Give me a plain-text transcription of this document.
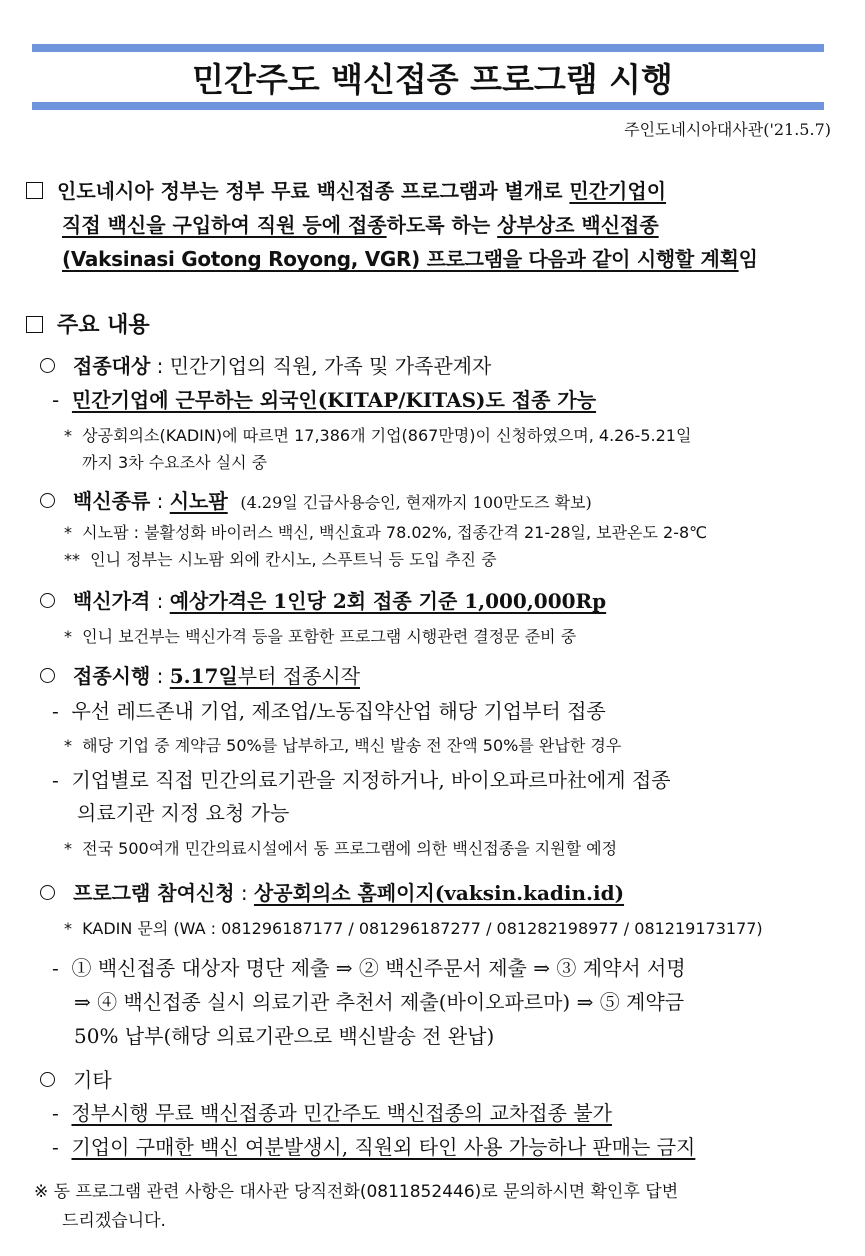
민간주도 백신접종 프로그램 시행
주인도네시아대사관('21.5.7)
인도네시아 정부는 정부 무료 백신접종 프로그램과 별개로 민간기업이
직접 백신을 구입하여 직원 등에 접종하도록 하는 상부상조 백신접종
(Vaksinasi Gotong Royong, VGR) 프로그램을 다음과 같이 시행할 계획임
주요 내용
접종대상 : 민간기업의 직원, 가족 및 가족관계자
- 민간기업에 근무하는 외국인(KITAP/KITAS)도 접종 가능
* 상공회의소(KADIN)에 따르면 17,386개 기업(867만명)이 신청하였으며, 4.26-5.21일
까지 3차 수요조사 실시 중
백신종류 : 시노팜 (4.29일 긴급사용승인, 현재까지 100만도즈 확보)
* 시노팜 : 불활성화 바이러스 백신, 백신효과 78.02%, 접종간격 21-28일, 보관온도 2-8℃
** 인니 정부는 시노팜 외에 칸시노, 스푸트닉 등 도입 추진 중
백신가격 : 예상가격은 1인당 2회 접종 기준 1,000,000Rp
* 인니 보건부는 백신가격 등을 포함한 프로그램 시행관련 결정문 준비 중
접종시행 : 5.17일부터 접종시작
- 우선 레드존내 기업, 제조업/노동집약산업 해당 기업부터 접종
* 해당 기업 중 계약금 50%를 납부하고, 백신 발송 전 잔액 50%를 완납한 경우
- 기업별로 직접 민간의료기관을 지정하거나, 바이오파르마社에게 접종
의료기관 지정 요청 가능
* 전국 500여개 민간의료시설에서 동 프로그램에 의한 백신접종을 지원할 예정
프로그램 참여신청 : 상공회의소 홈페이지(vaksin.kadin.id)
* KADIN 문의 (WA : 081296187177 / 081296187277 / 081282198977 / 081219173177)
- ① 백신접종 대상자 명단 제출 ⇒ ② 백신주문서 제출 ⇒ ③ 계약서 서명
⇒ ④ 백신접종 실시 의료기관 추천서 제출(바이오파르마) ⇒ ⑤ 계약금
50% 납부(해당 의료기관으로 백신발송 전 완납)
기타
- 정부시행 무료 백신접종과 민간주도 백신접종의 교차접종 불가
- 기업이 구매한 백신 여분발생시, 직원외 타인 사용 가능하나 판매는 금지
※ 동 프로그램 관련 사항은 대사관 당직전화(0811852446)로 문의하시면 확인후 답변
드리겠습니다.
